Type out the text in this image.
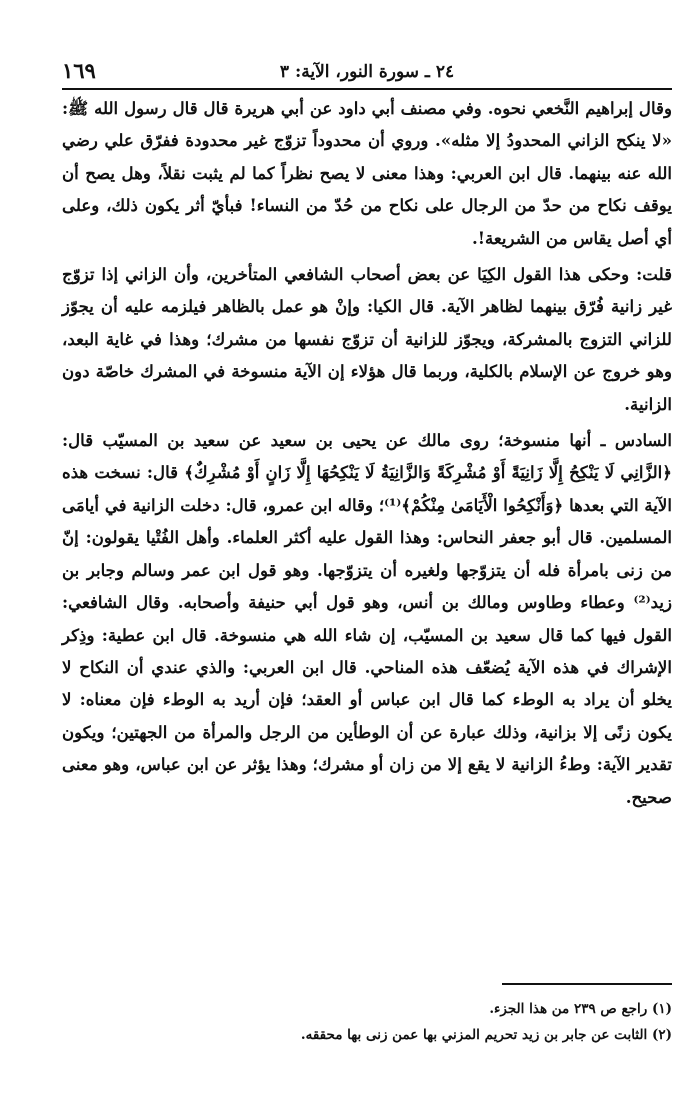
٢٤ ـ سورة النور، الآية: ٣
١٦٩

وقال إبراهيم النَّخعي نحوه. وفي مصنف أبي داود عن أبي هريرة قال قال رسول الله ﷺ: «لا ينكح الزاني المحدودُ إلا مثله». وروي أن محدوداً تزوّج غير محدودة ففرّق علي رضي الله عنه بينهما. قال ابن العربي: وهذا معنى لا يصح نظراً كما لم يثبت نقلاً، وهل يصح أن يوقف نكاح من حدّ من الرجال على نكاح من حُدّ من النساء! فبأيّ أثر يكون ذلك، وعلى أي أصل يقاس من الشريعة!.

قلت: وحكى هذا القول الكِيَا عن بعض أصحاب الشافعي المتأخرين، وأن الزاني إذا تزوّج غير زانية فُرّق بينهما لظاهر الآية. قال الكيا: وإنْ هو عمل بالظاهر فيلزمه عليه أن يجوّز للزاني التزوج بالمشركة، ويجوّز للزانية أن تزوّج نفسها من مشرك؛ وهذا في غاية البعد، وهو خروج عن الإسلام بالكلية، وربما قال هؤلاء إن الآية منسوخة في المشرك خاصّة دون الزانية.

السادس ـ أنها منسوخة؛ روى مالك عن يحيى بن سعيد عن سعيد بن المسيّب قال: ﴿الزَّانِي لَا يَنْكِحُ إِلَّا زَانِيَةً أَوْ مُشْرِكَةً وَالزَّانِيَةُ لَا يَنْكِحُهَا إِلَّا زَانٍ أَوْ مُشْرِكٌ﴾ قال: نسخت هذه الآية التي بعدها ﴿وَأَنْكِحُوا الْأَيَامَىٰ مِنْكُمْ﴾⁽¹⁾؛ وقاله ابن عمرو، قال: دخلت الزانية في أيامَى المسلمين. قال أبو جعفر النحاس: وهذا القول عليه أكثر العلماء. وأهل الفُتْيا يقولون: إنّ من زنى بامرأة فله أن يتزوّجها ولغيره أن يتزوّجها. وهو قول ابن عمر وسالم وجابر بن زيد⁽²⁾ وعطاء وطاوس ومالك بن أنس، وهو قول أبي حنيفة وأصحابه. وقال الشافعي: القول فيها كما قال سعيد بن المسيّب، إن شاء الله هي منسوخة. قال ابن عطية: وذِكر الإشراك في هذه الآية يُضعّف هذه المناحي. قال ابن العربي: والذي عندي أن النكاح لا يخلو أن يراد به الوطء كما قال ابن عباس أو العقد؛ فإن أريد به الوطء فإن معناه: لا يكون زنًى إلا بزانية، وذلك عبارة عن أن الوطأين من الرجل والمرأة من الجهتين؛ ويكون تقدير الآية: وطءُ الزانية لا يقع إلا من زان أو مشرك؛ وهذا يؤثر عن ابن عباس، وهو معنى صحيح.

(١) راجع ص ٢٣٩ من هذا الجزء.

(٢) الثابت عن جابر بن زيد تحريم المزني بها عمن زنى بها محققه.
